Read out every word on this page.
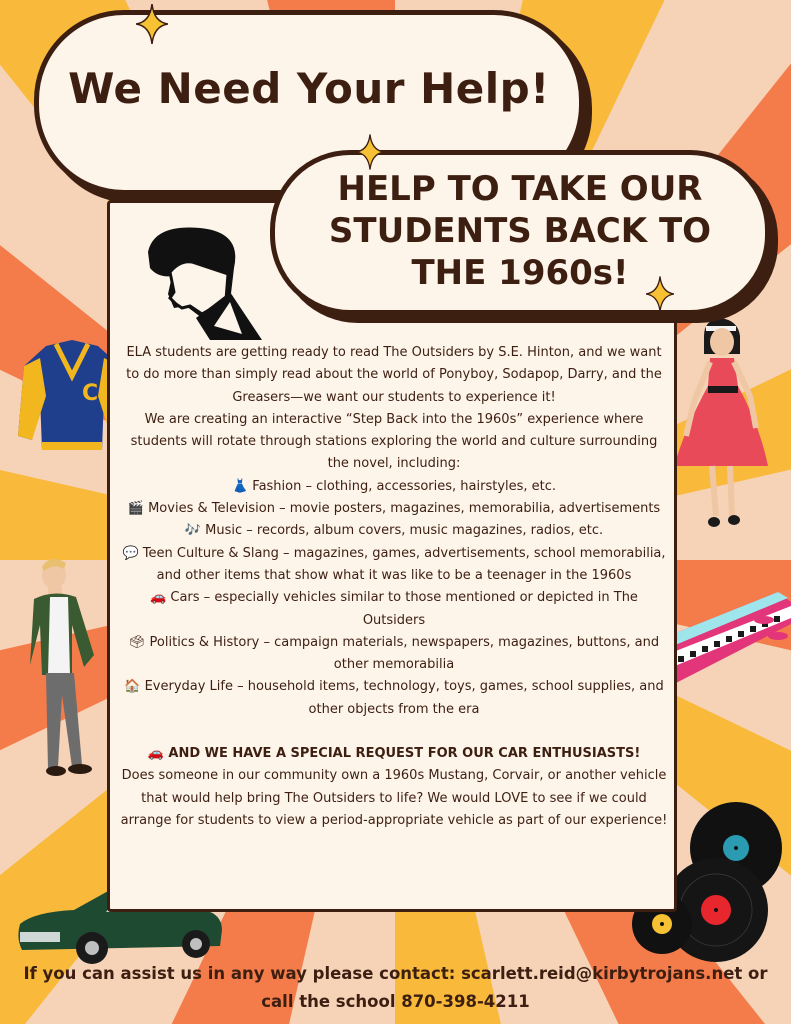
C
We Need Your Help!
HELP TO TAKE OUR
STUDENTS BACK TO
THE 1960s!

ELA students are getting ready to read The Outsiders by S.E. Hinton, and we want to do more than simply read about the world of Ponyboy, Sodapop, Darry, and the Greasers—we want our students to experience it!

We are creating an interactive “Step Back into the 1960s” experience where students will rotate through stations exploring the world and culture surrounding the novel, including:

👗 Fashion – clothing, accessories, hairstyles, etc.

🎬 Movies & Television – movie posters, magazines, memorabilia, advertisements

🎶 Music – records, album covers, music magazines, radios, etc.

💬 Teen Culture & Slang – magazines, games, advertisements, school memorabilia, and other items that show what it was like to be a teenager in the 1960s

🚗 Cars – especially vehicles similar to those mentioned or depicted in The Outsiders

🗳 Politics & History – campaign materials, newspapers, magazines, buttons, and other memorabilia

🏠 Everyday Life – household items, technology, toys, games, school supplies, and other objects from the era

🚗 AND WE HAVE A SPECIAL REQUEST FOR OUR CAR ENTHUSIASTS!

Does someone in our community own a 1960s Mustang, Corvair, or another vehicle that would help bring The Outsiders to life? We would LOVE to see if we could arrange for students to view a period-appropriate vehicle as part of our experience!

If you can assist us in any way please contact: scarlett.reid@kirbytrojans.net or
call the school 870-398-4211
